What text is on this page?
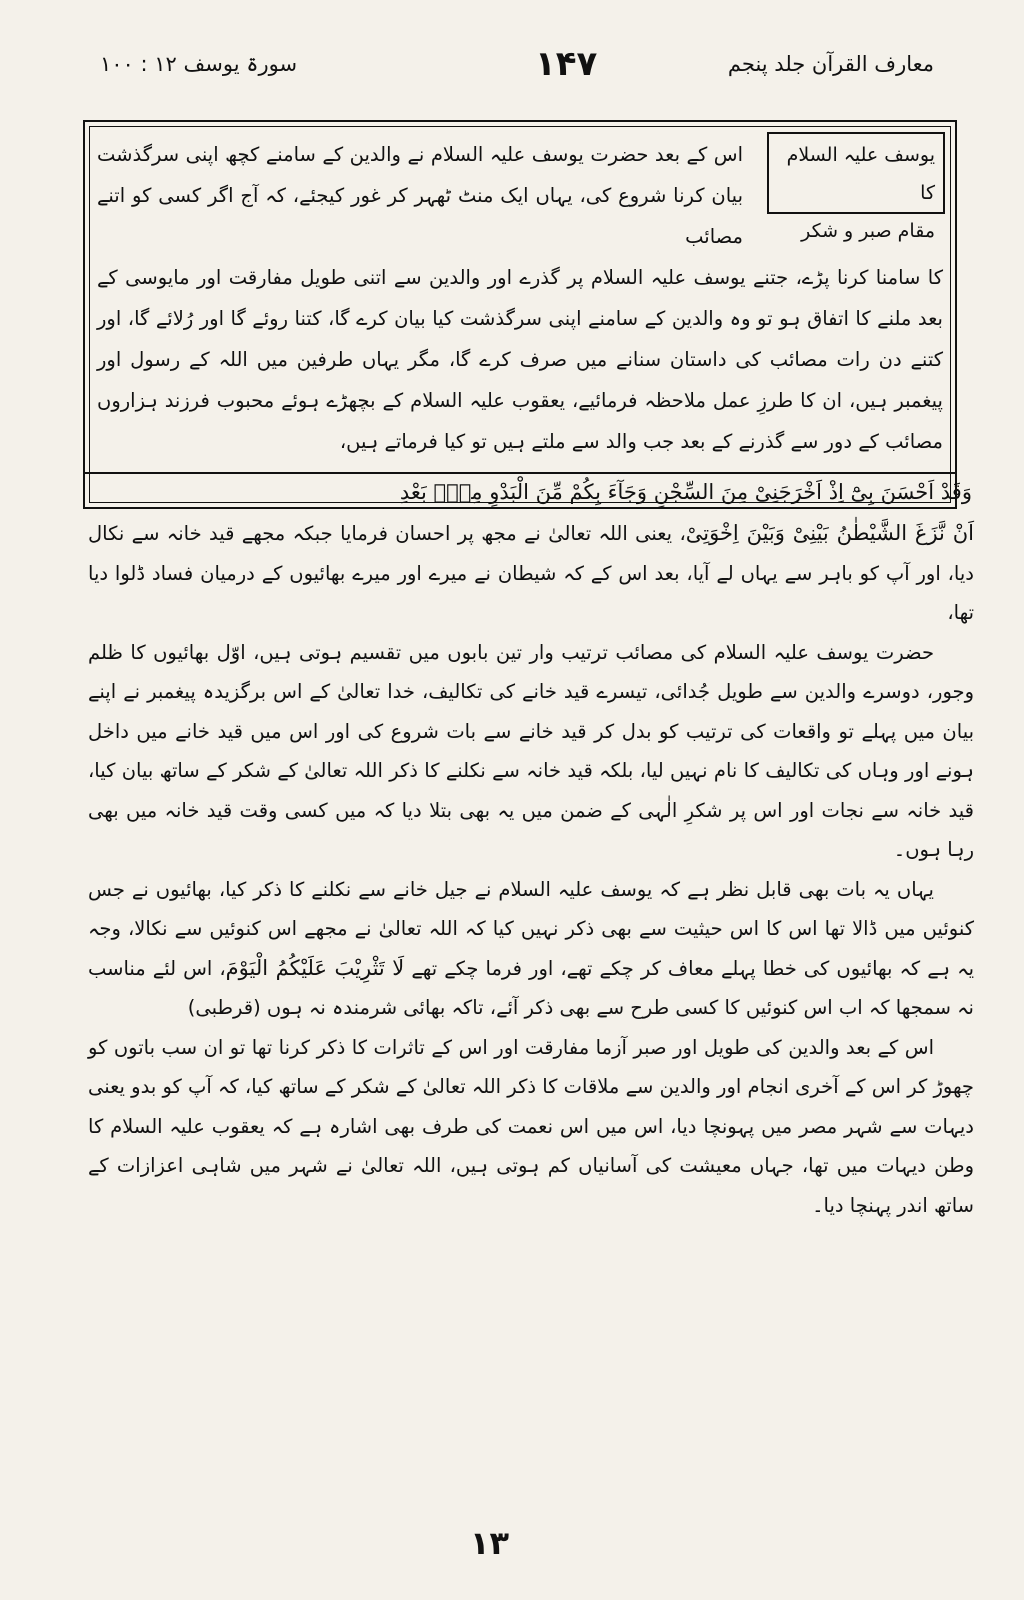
سورۃ یوسف ۱۲ : ۱۰۰	۱۴۷	معارف القرآن جلد پنجم
یوسف علیہ السلام کا
مقام صبر و شکر
اس کے بعد حضرت یوسف علیہ السلام نے والدین کے سامنے کچھ اپنی سرگذشت بیان کرنا شروع کی، یہاں ایک منٹ ٹھہر کر غور کیجئے، کہ آج اگر کسی کو اتنے مصائب
کا سامنا کرنا پڑے، جتنے یوسف علیہ السلام پر گذرے اور والدین سے اتنی طویل مفارقت اور مایوسی کے بعد ملنے کا اتفاق ہو تو وہ والدین کے سامنے اپنی سرگذشت کیا بیان کرے گا، کتنا روئے گا اور رُلائے گا، اور کتنے دن رات مصائب کی داستان سنانے میں صرف کرے گا، مگر یہاں طرفین میں اللہ کے رسول اور پیغمبر ہیں، ان کا طرزِ عمل ملاحظہ فرمائیے، یعقوب علیہ السلام کے بچھڑے ہوئے محبوب فرزند ہزاروں مصائب کے دور سے گذرنے کے بعد جب والد سے ملتے ہیں تو کیا فرماتے ہیں،
وَقَدْ اَحْسَنَ بِیْٓ اِذْ اَخْرَجَنِیْ مِنَ السِّجْنِ وَجَآءَ بِکُمْ مِّنَ الْبَدْوِ مِنْۢ بَعْدِ

اَنْ نَّزَغَ الشَّیْطٰنُ بَیْنِیْ وَبَیْنَ اِخْوَتِیْ، یعنی اللہ تعالیٰ نے مجھ پر احسان فرمایا جبکہ مجھے قید خانہ سے نکال دیا، اور آپ کو باہر سے یہاں لے آیا، بعد اس کے کہ شیطان نے میرے اور میرے بھائیوں کے درمیان فساد ڈلوا دیا تھا،

حضرت یوسف علیہ السلام کی مصائب ترتیب وار تین بابوں میں تقسیم ہوتی ہیں، اوّل بھائیوں کا ظلم وجور، دوسرے والدین سے طویل جُدائی، تیسرے قید خانے کی تکالیف، خدا تعالیٰ کے اس برگزیدہ پیغمبر نے اپنے بیان میں پہلے تو واقعات کی ترتیب کو بدل کر قید خانے سے بات شروع کی اور اس میں قید خانے میں داخل ہونے اور وہاں کی تکالیف کا نام نہیں لیا، بلکہ قید خانہ سے نکلنے کا ذکر اللہ تعالیٰ کے شکر کے ساتھ بیان کیا، قید خانہ سے نجات اور اس پر شکرِ الٰہی کے ضمن میں یہ بھی بتلا دیا کہ میں کسی وقت قید خانہ میں بھی رہا ہوں۔

یہاں یہ بات بھی قابل نظر ہے کہ یوسف علیہ السلام نے جیل خانے سے نکلنے کا ذکر کیا، بھائیوں نے جس کنوئیں میں ڈالا تھا اس کا اس حیثیت سے بھی ذکر نہیں کیا کہ اللہ تعالیٰ نے مجھے اس کنوئیں سے نکالا، وجہ یہ ہے کہ بھائیوں کی خطا پہلے معاف کر چکے تھے، اور فرما چکے تھے لَا تَثْرِیْبَ عَلَیْکُمُ الْیَوْمَ، اس لئے مناسب نہ سمجھا کہ اب اس کنوئیں کا کسی طرح سے بھی ذکر آئے، تاکہ بھائی شرمندہ نہ ہوں (قرطبی)

اس کے بعد والدین کی طویل اور صبر آزما مفارقت اور اس کے تاثرات کا ذکر کرنا تھا تو ان سب باتوں کو چھوڑ کر اس کے آخری انجام اور والدین سے ملاقات کا ذکر اللہ تعالیٰ کے شکر کے ساتھ کیا، کہ آپ کو بدو یعنی دیہات سے شہر مصر میں پہونچا دیا، اس میں اس نعمت کی طرف بھی اشارہ ہے کہ یعقوب علیہ السلام کا وطن دیہات میں تھا، جہاں معیشت کی آسانیاں کم ہوتی ہیں، اللہ تعالیٰ نے شہر میں شاہی اعزازات کے ساتھ اندر پہنچا دیا۔

۱۳
